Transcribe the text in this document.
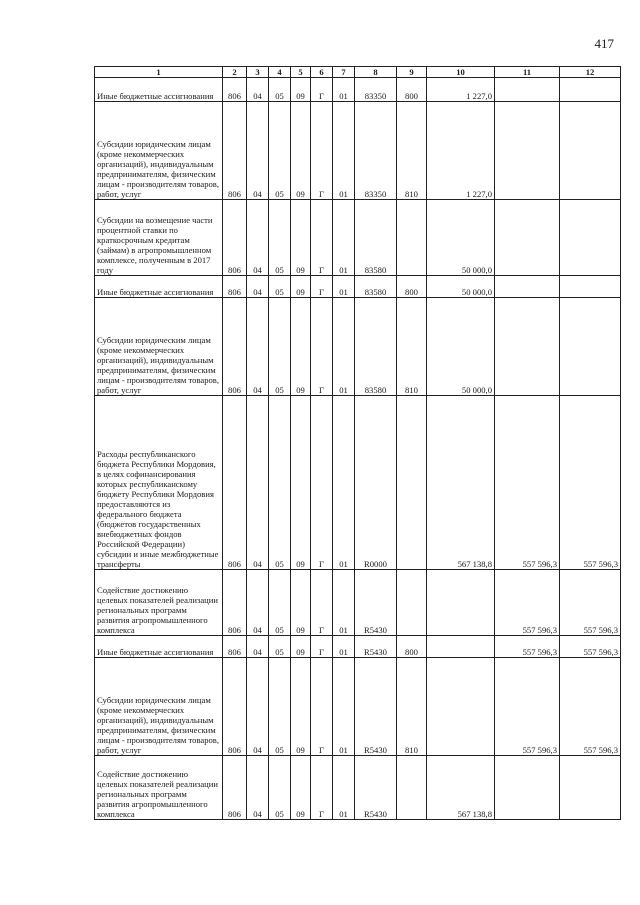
417
1	2	3	4	5	6	7	8	9	10	11	12
Иные бюджетные ассигнования	806	04	05	09	Г	01	83350	800	1 227,0		
Субсидии юридическим лицам (кроме некоммерческих организаций), индивидуальным предпринимателям, физическим лицам - производителям товаров, работ, услуг	806	04	05	09	Г	01	83350	810	1 227,0		
Субсидии на возмещение части процентной ставки по краткосрочным кредитам (займам) в агропромышленном комплексе, полученным в 2017 году	806	04	05	09	Г	01	83580		50 000,0		
Иные бюджетные ассигнования	806	04	05	09	Г	01	83580	800	50 000,0		
Субсидии юридическим лицам (кроме некоммерческих организаций), индивидуальным предпринимателям, физическим лицам - производителям товаров, работ, услуг	806	04	05	09	Г	01	83580	810	50 000,0		
Расходы республиканского бюджета Республики Мордовия, в целях софинансирования которых республиканскому бюджету Республики Мордовия предоставляются из федерального бюджета (бюджетов государственных внебюджетных фондов Российской Федерации) субсидии и иные межбюджетные трансферты	806	04	05	09	Г	01	R0000		567 138,8	557 596,3	557 596,3
Содействие достижению целевых показателей реализации региональных программ развития агропромышленного комплекса	806	04	05	09	Г	01	R5430			557 596,3	557 596,3
Иные бюджетные ассигнования	806	04	05	09	Г	01	R5430	800		557 596,3	557 596,3
Субсидии юридическим лицам (кроме некоммерческих организаций), индивидуальным предпринимателям, физическим лицам - производителям товаров, работ, услуг	806	04	05	09	Г	01	R5430	810		557 596,3	557 596,3
Содействие достижению целевых показателей реализации региональных программ развития агропромышленного комплекса	806	04	05	09	Г	01	R5430		567 138,8		
